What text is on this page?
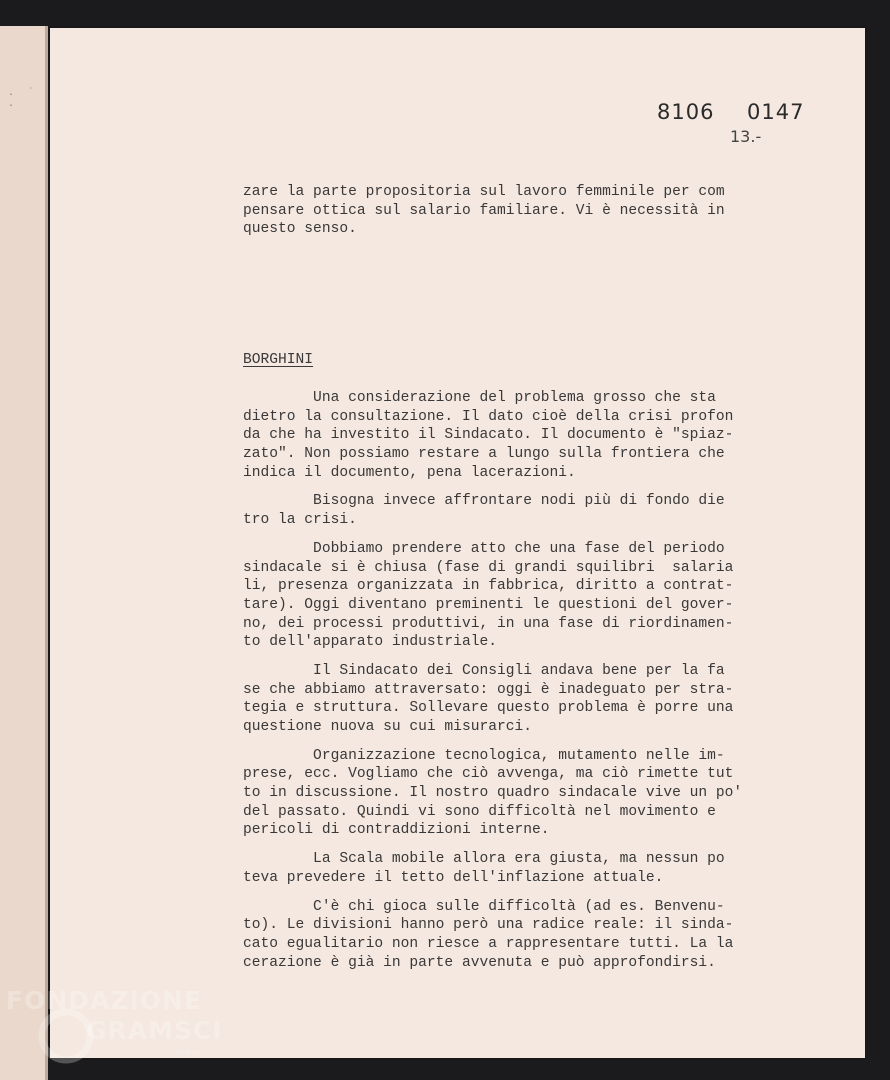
. ˙ .	8106 0147
13.-
zare la parte propositoria sul lavoro femminile per com
pensare ottica sul salario familiare. Vi è necessità in
questo senso.
BORGHINI
Una considerazione del problema grosso che sta
dietro la consultazione. Il dato cioè della crisi profon
da che ha investito il Sindacato. Il documento è "spiaz-
zato". Non possiamo restare a lungo sulla frontiera che
indica il documento, pena lacerazioni.
Bisogna invece affrontare nodi più di fondo die
tro la crisi.
Dobbiamo prendere atto che una fase del periodo
sindacale si è chiusa (fase di grandi squilibri  salaria
li, presenza organizzata in fabbrica, diritto a contrat-
tare). Oggi diventano preminenti le questioni del gover-
no, dei processi produttivi, in una fase di riordinamen-
to dell'apparato industriale.
Il Sindacato dei Consigli andava bene per la fa
se che abbiamo attraversato: oggi è inadeguato per stra-
tegia e struttura. Sollevare questo problema è porre una
questione nuova su cui misurarci.
Organizzazione tecnologica, mutamento nelle im-
prese, ecc. Vogliamo che ciò avvenga, ma ciò rimette tut
to in discussione. Il nostro quadro sindacale vive un po'
del passato. Quindi vi sono difficoltà nel movimento e
pericoli di contraddizioni interne.
La Scala mobile allora era giusta, ma nessun po
teva prevedere il tetto dell'inflazione attuale.
C'è chi gioca sulle difficoltà (ad es. Benvenu-
to). Le divisioni hanno però una radice reale: il sinda-
cato egualitario non riesce a rappresentare tutti. La la
cerazione è già in parte avvenuta e può approfondirsi.
FONDAZIONE
GRAMSCI
onlus
